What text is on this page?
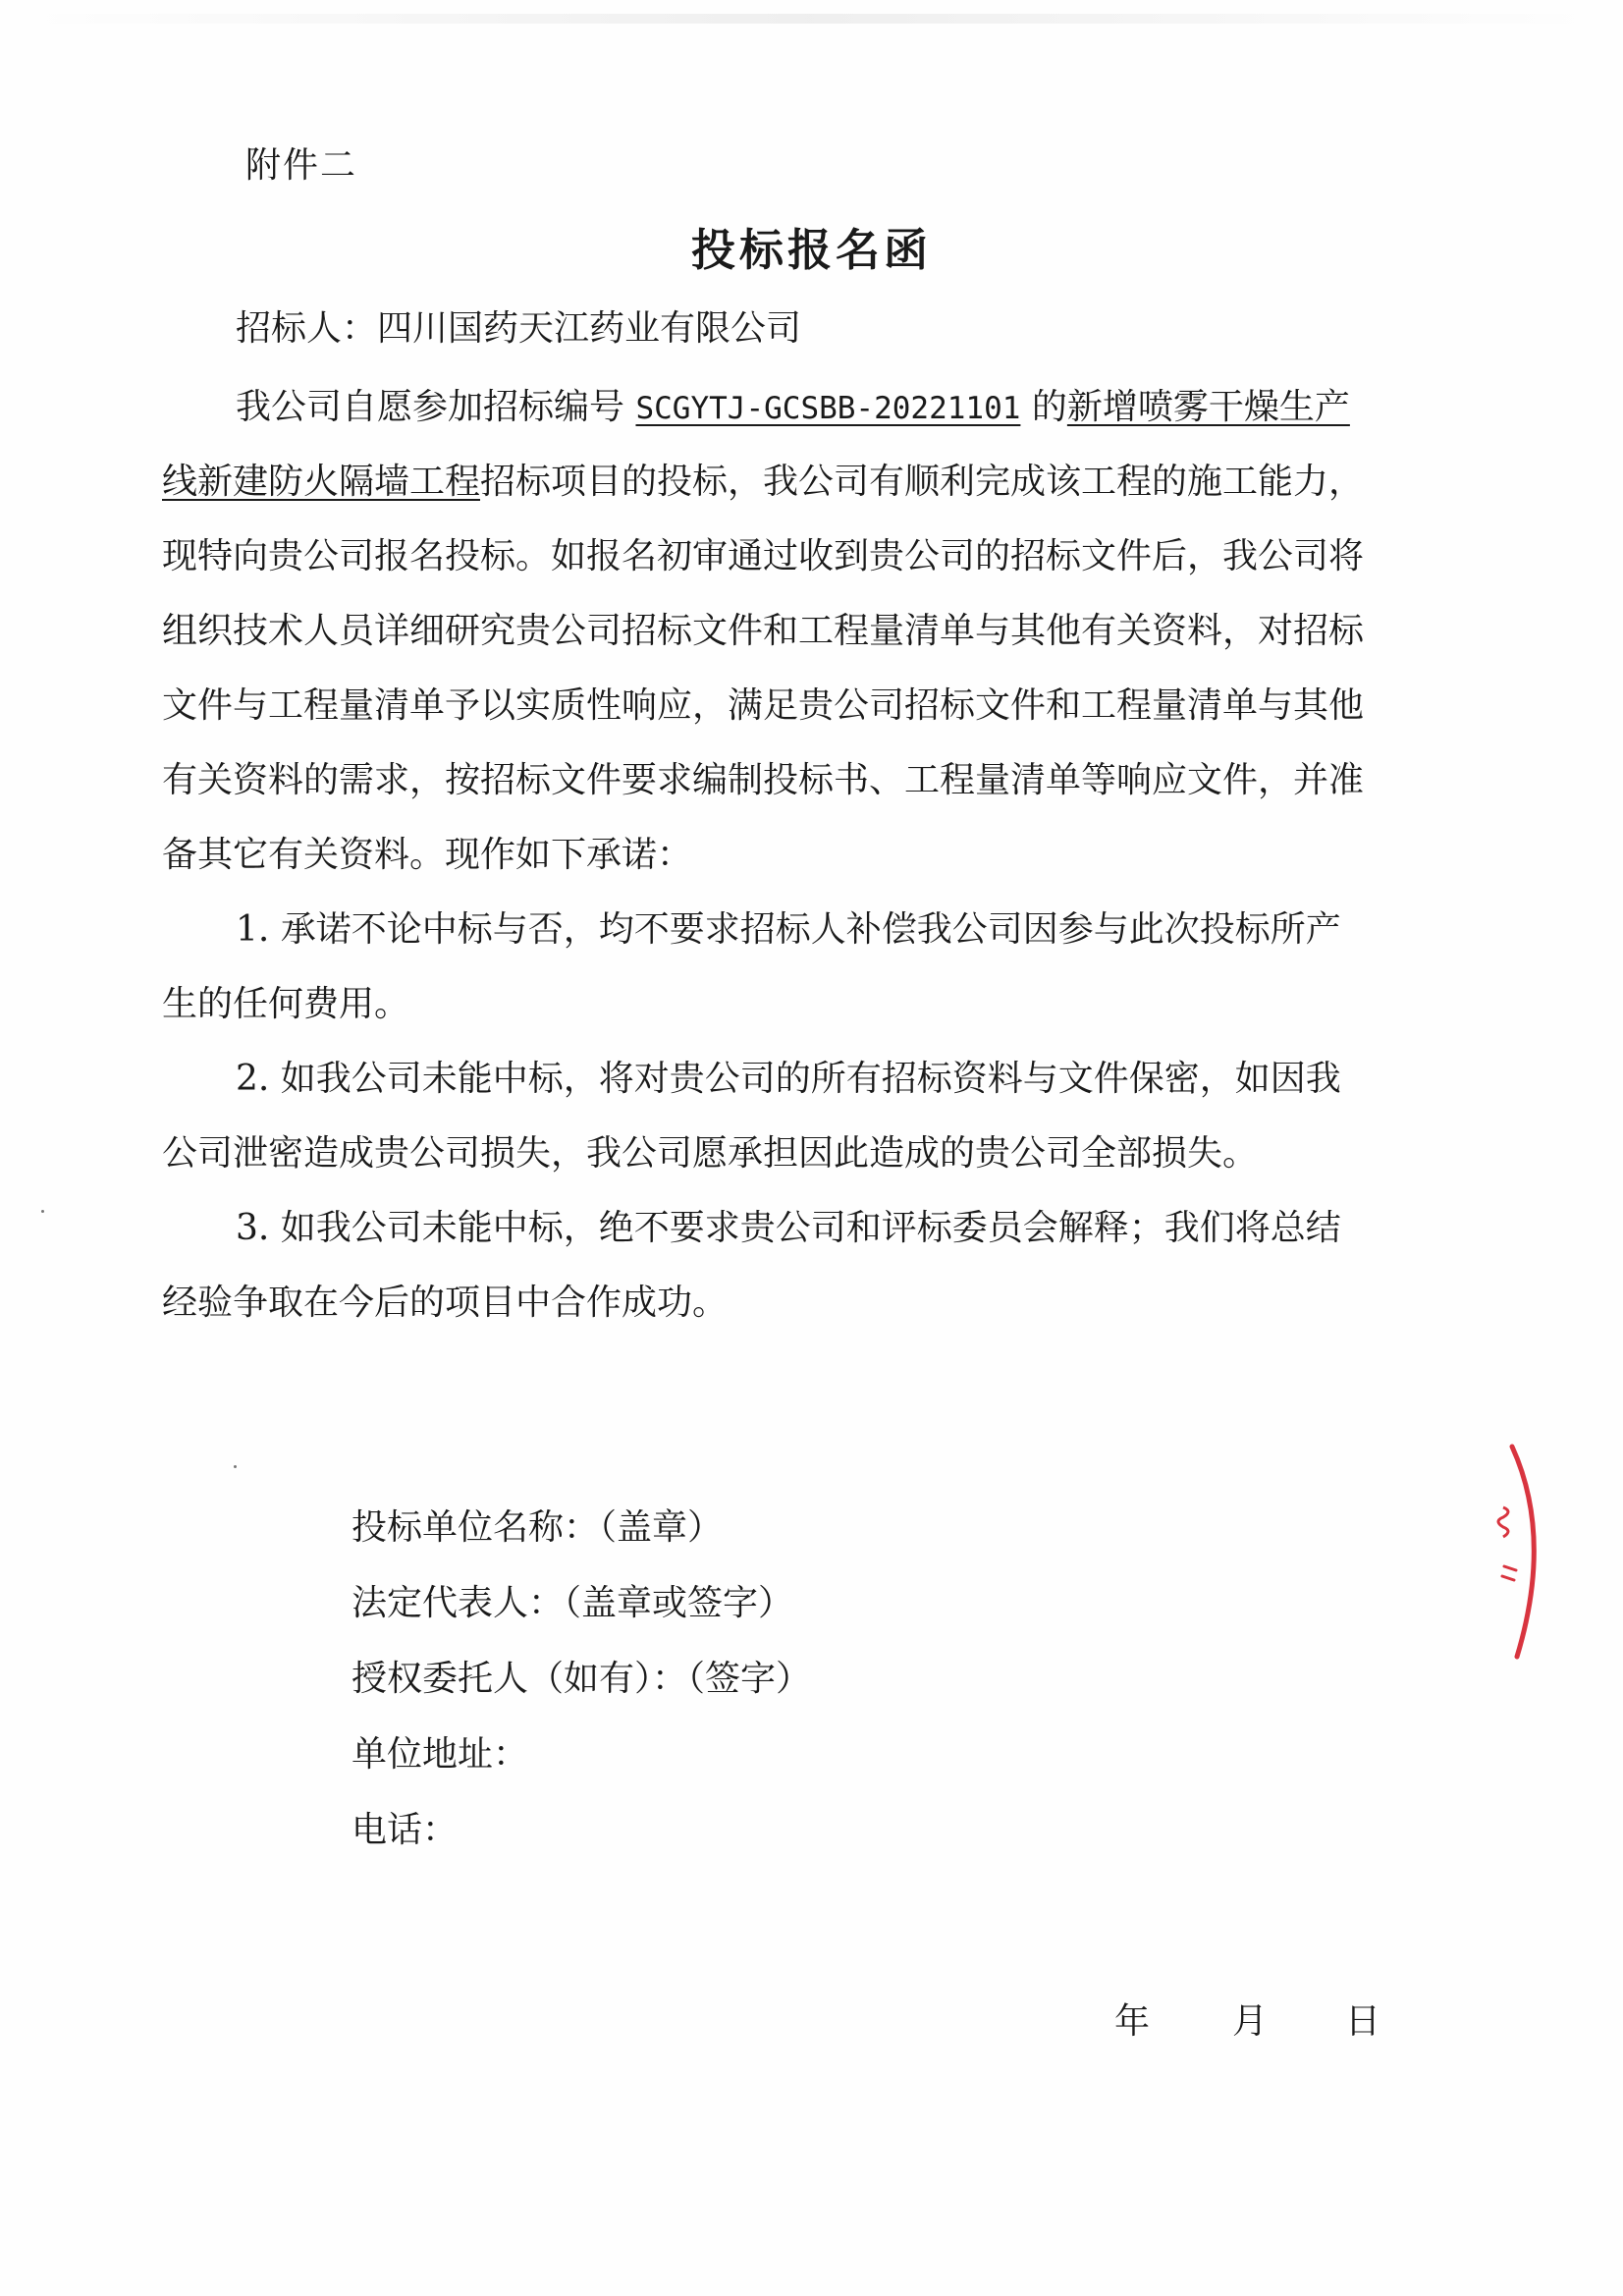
附件二
投标报名函
招标人：四川国药天江药业有限公司
我公司自愿参加招标编号 SCGYTJ-GCSBB-20221101 的新增喷雾干燥生产
线新建防火隔墙工程招标项目的投标，我公司有顺利完成该工程的施工能力，
现特向贵公司报名投标。如报名初审通过收到贵公司的招标文件后，我公司将
组织技术人员详细研究贵公司招标文件和工程量清单与其他有关资料，对招标
文件与工程量清单予以实质性响应，满足贵公司招标文件和工程量清单与其他
有关资料的需求，按招标文件要求编制投标书、工程量清单等响应文件，并准
备其它有关资料。现作如下承诺：
1. 承诺不论中标与否，均不要求招标人补偿我公司因参与此次投标所产
生的任何费用。
2. 如我公司未能中标，将对贵公司的所有招标资料与文件保密，如因我
公司泄密造成贵公司损失，我公司愿承担因此造成的贵公司全部损失。
3. 如我公司未能中标，绝不要求贵公司和评标委员会解释；我们将总结
经验争取在今后的项目中合作成功。
投标单位名称：（盖章）
法定代表人：（盖章或签字）
授权委托人（如有）：（签字）
单位地址：
电话：
年 月 日
